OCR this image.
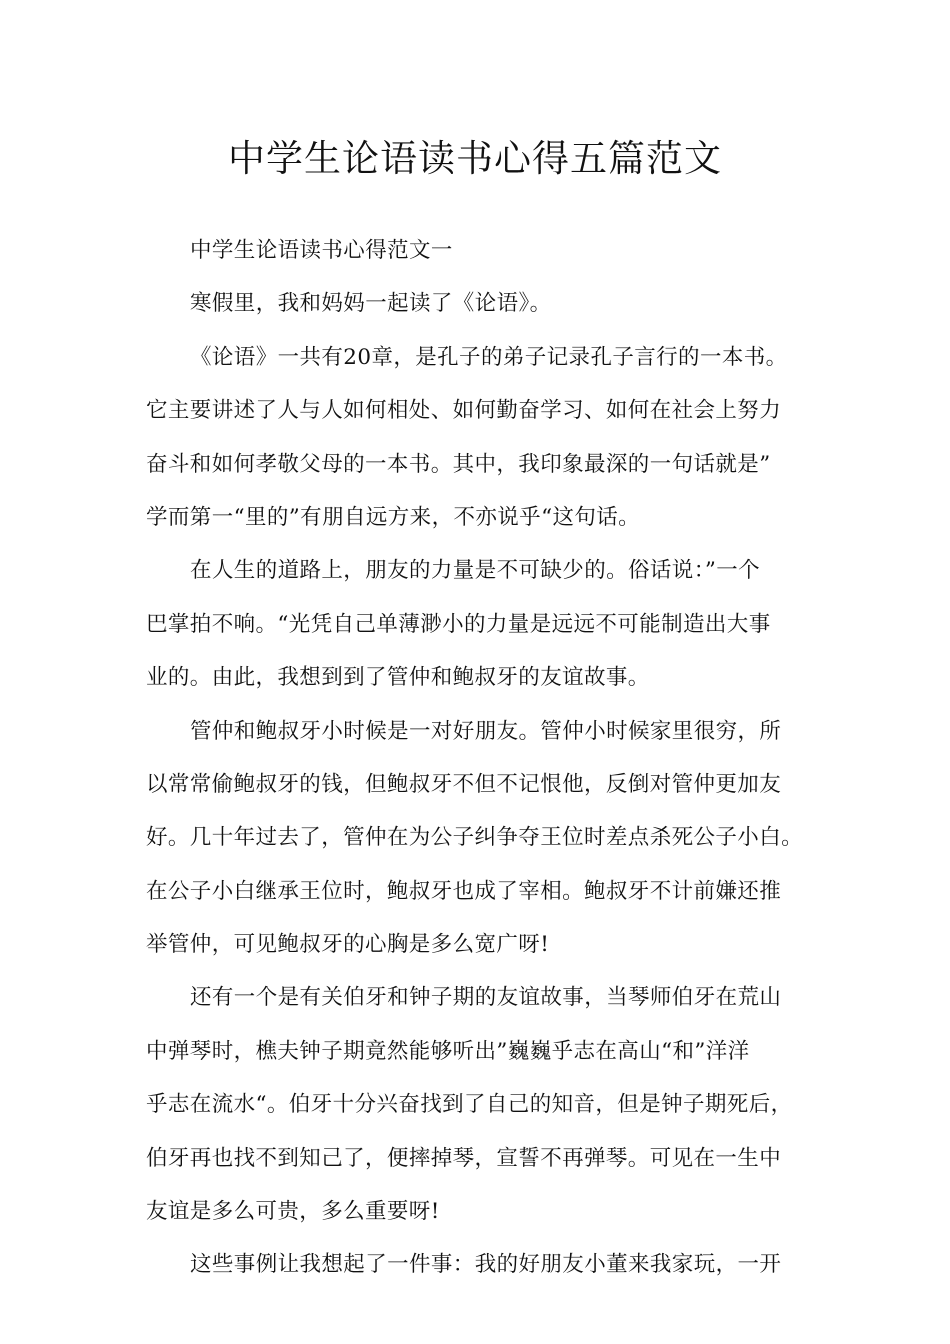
中学生论语读书心得五篇范文
中学生论语读书心得范文一
寒假里，我和妈妈一起读了《论语》。
《论语》一共有20章，是孔子的弟子记录孔子言行的一本书。
它主要讲述了人与人如何相处、如何勤奋学习、如何在社会上努力
奋斗和如何孝敬父母的一本书。其中，我印象最深的一句话就是”
学而第一“里的”有朋自远方来，不亦说乎“这句话。
在人生的道路上，朋友的力量是不可缺少的。俗话说：”一个
巴掌拍不响。“光凭自己单薄渺小的力量是远远不可能制造出大事
业的。由此，我想到到了管仲和鲍叔牙的友谊故事。
管仲和鲍叔牙小时候是一对好朋友。管仲小时候家里很穷，所
以常常偷鲍叔牙的钱，但鲍叔牙不但不记恨他，反倒对管仲更加友
好。几十年过去了，管仲在为公子纠争夺王位时差点杀死公子小白。
在公子小白继承王位时，鲍叔牙也成了宰相。鲍叔牙不计前嫌还推
举管仲，可见鲍叔牙的心胸是多么宽广呀!
还有一个是有关伯牙和钟子期的友谊故事，当琴师伯牙在荒山
中弹琴时，樵夫钟子期竟然能够听出”巍巍乎志在高山“和”洋洋
乎志在流水“。伯牙十分兴奋找到了自己的知音，但是钟子期死后，
伯牙再也找不到知己了，便摔掉琴，宣誓不再弹琴。可见在一生中
友谊是多么可贵，多么重要呀!
这些事例让我想起了一件事：我的好朋友小董来我家玩，一开
